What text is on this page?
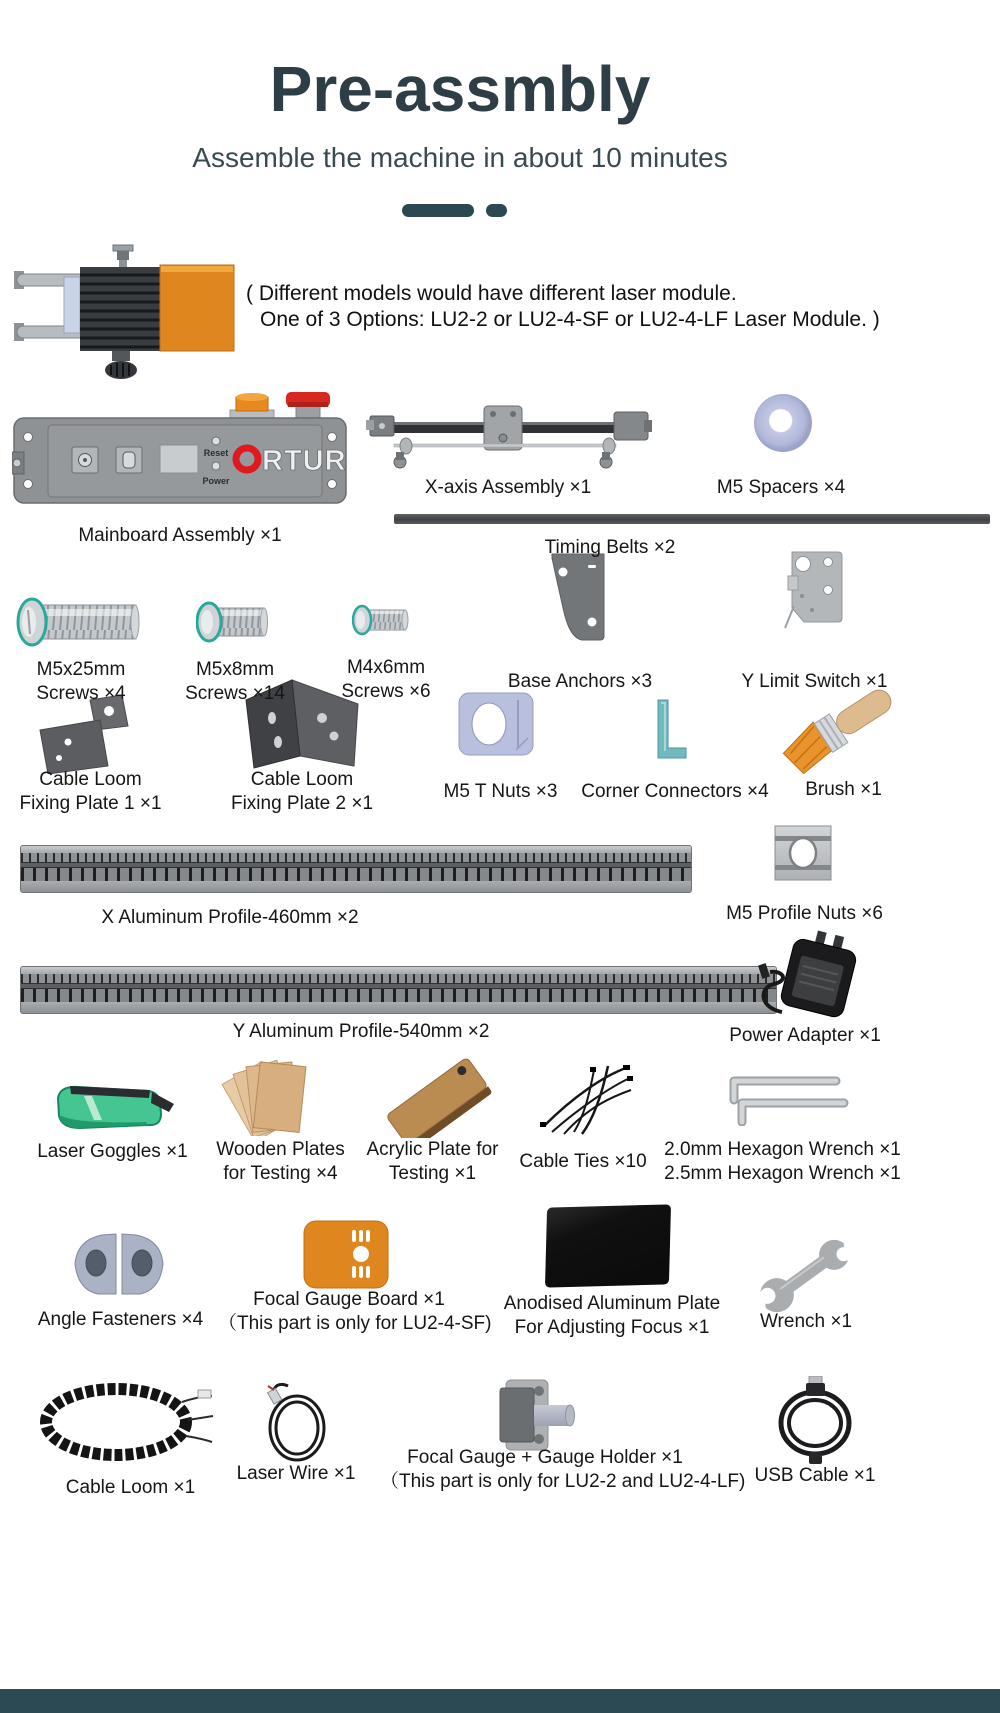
Pre-assmbly
Assemble the machine in about 10 minutes
( Different models would have different laser module.
One of 3 Options: LU2-2 or LU2-4-SF or LU2-4-LF Laser Module. )
Reset
Power
RTUR
Mainboard Assembly ×1
X-axis Assembly ×1	M5 Spacers ×4
Timing Belts ×2
M5x25mm
Screws ×4
M5x8mm
Screws ×14
M4x6mm
Screws ×6	Base Anchors ×3	Y Limit Switch ×1
Cable Loom
Fixing Plate 1 ×1
Cable Loom
Fixing Plate 2 ×1
M5 T Nuts ×3	Corner Connectors ×4	Brush ×1
X Aluminum Profile-460mm ×2	M5 Profile Nuts ×6
Y Aluminum Profile-540mm ×2	Power Adapter ×1
Laser Goggles ×1	Wooden Plates
for Testing ×4
Acrylic Plate for
Testing ×1
Cable Ties ×10
2.0mm Hexagon Wrench ×1
2.5mm Hexagon Wrench ×1
Angle Fasteners ×4
Focal Gauge Board ×1
（This part is only for LU2-4-SF)
Anodised Aluminum Plate
For Adjusting Focus ×1	Wrench ×1
Cable Loom ×1
Laser Wire ×1
Focal Gauge + Gauge Holder ×1
（This part is only for LU2-2 and LU2-4-LF) USB Cable ×1
